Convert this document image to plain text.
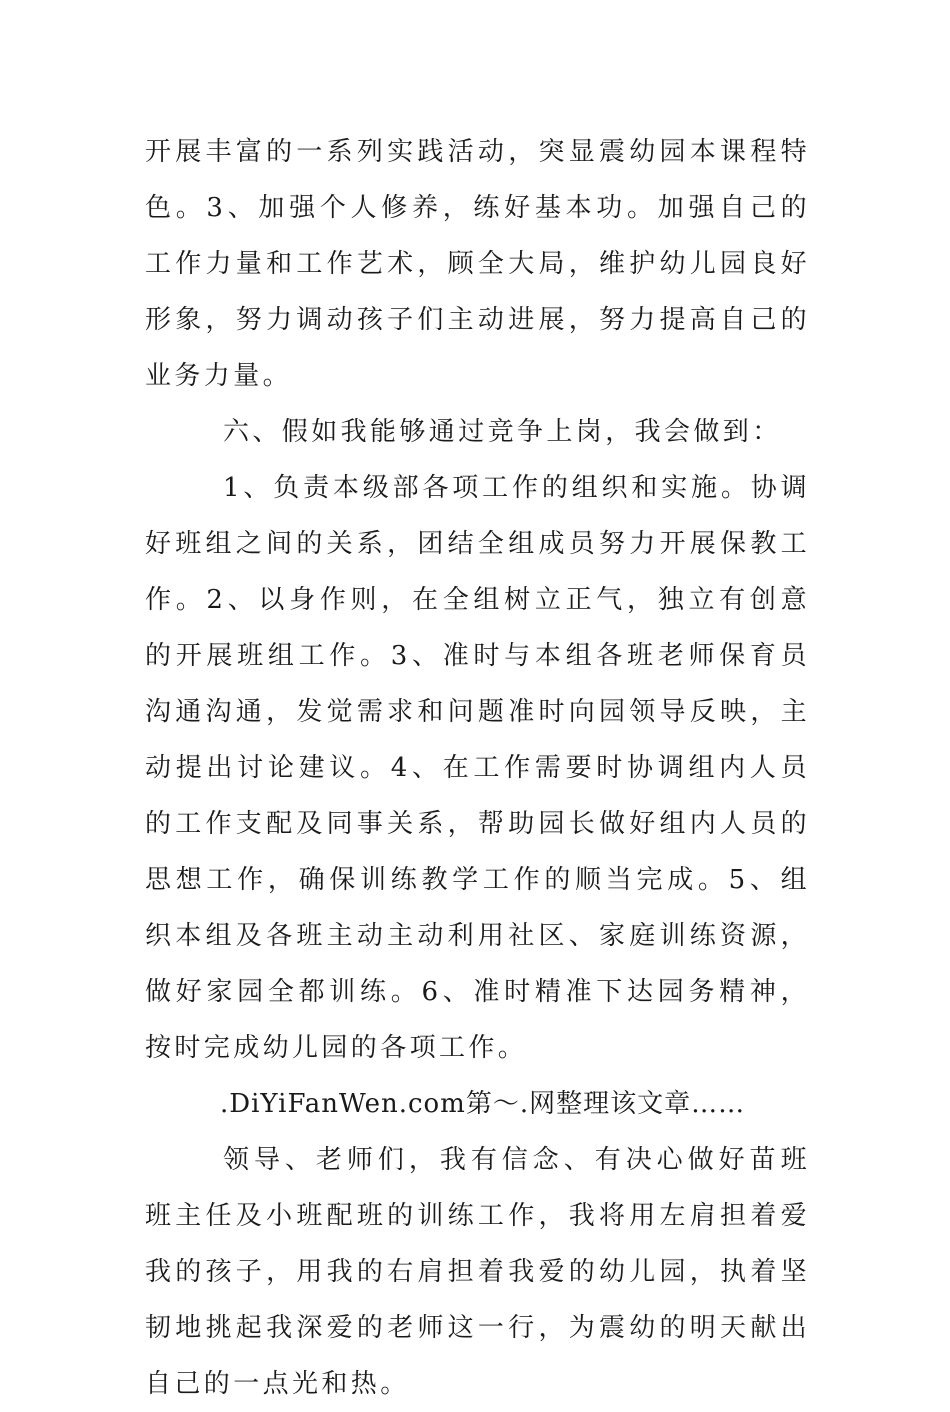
开展丰富的一系列实践活动，突显震幼园本课程特色。3、加强个人修养，练好基本功。加强自己的工作力量和工作艺术，顾全大局，维护幼儿园良好形象，努力调动孩子们主动进展，努力提高自己的业务力量。

六、假如我能够通过竞争上岗，我会做到：

1、负责本级部各项工作的组织和实施。协调好班组之间的关系，团结全组成员努力开展保教工作。2、以身作则，在全组树立正气，独立有创意的开展班组工作。3、准时与本组各班老师保育员沟通沟通，发觉需求和问题准时向园领导反映，主动提出讨论建议。4、在工作需要时协调组内人员的工作支配及同事关系，帮助园长做好组内人员的思想工作，确保训练教学工作的顺当完成。5、组织本组及各班主动主动利用社区、家庭训练资源，做好家园全都训练。6、准时精准下达园务精神，按时完成幼儿园的各项工作。

.DiYiFanWen.com第～.网整理该文章……

领导、老师们，我有信念、有决心做好苗班班主任及小班配班的训练工作，我将用左肩担着爱我的孩子，用我的右肩担着我爱的幼儿园，执着坚韧地挑起我深爱的老师这一行，为震幼的明天献出自己的一点光和热。
